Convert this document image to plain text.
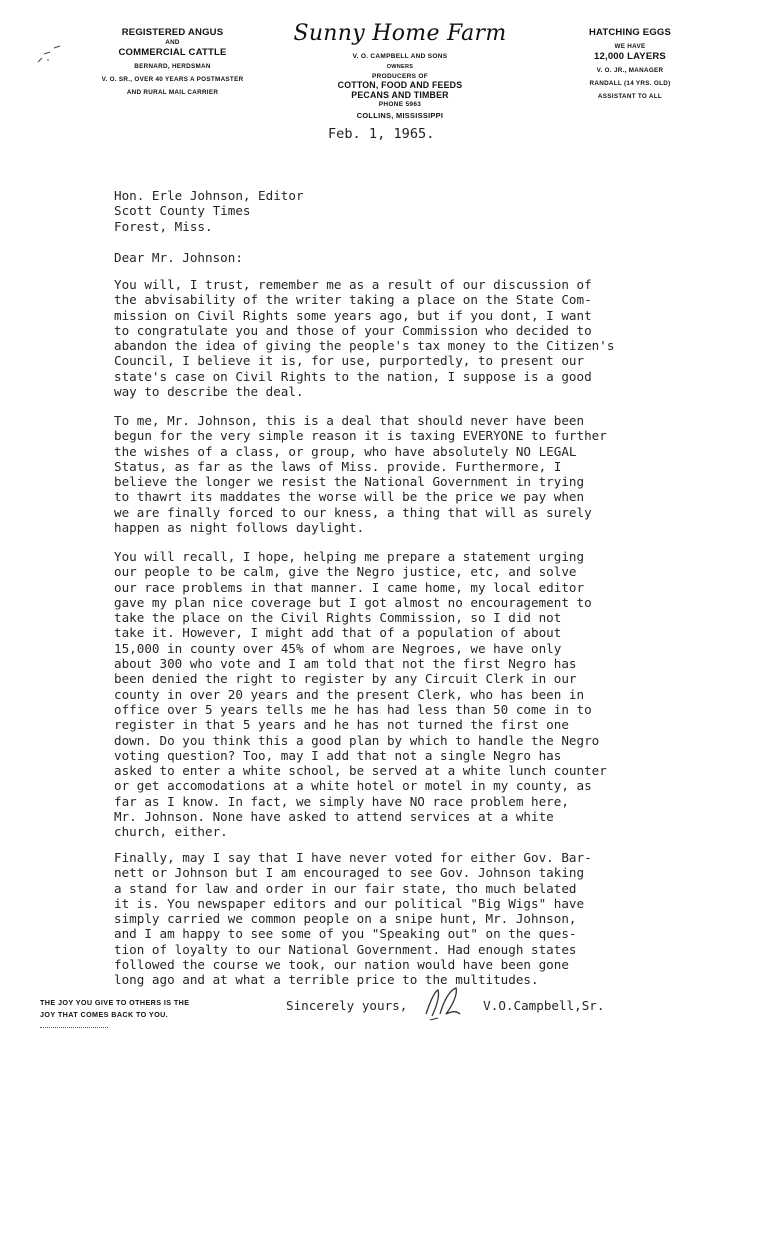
REGISTERED ANGUS
AND
COMMERCIAL CATTLE
BERNARD, HERDSMAN
V. O. SR., OVER 40 YEARS A POSTMASTER
AND RURAL MAIL CARRIER
Sunny Home Farm
V. O. CAMPBELL AND SONS
OWNERS
PRODUCERS OF
COTTON, FOOD AND FEEDS
PECANS AND TIMBER
PHONE 5963
COLLINS, MISSISSIPPI
HATCHING EGGS
WE HAVE
12,000 LAYERS
V. O. JR., MANAGER
RANDALL (14 YRS. OLD)
ASSISTANT TO ALL
Feb. 1, 1965.
Hon. Erle Johnson, Editor
Scott County Times
Forest, Miss.
Dear Mr. Johnson:
You will, I trust, remember me as a result of our discussion of
the abvisability of the writer taking a place on the State Com-
mission on Civil Rights some years ago, but if you dont, I want
to congratulate you and those of your Commission who decided to
abandon the idea of giving the people's tax money to the Citizen's
Council, I believe it is, for use, purportedly, to present our
state's case on Civil Rights to the nation, I suppose is a good
way to describe the deal.
To me, Mr. Johnson, this is a deal that should never have been
begun for the very simple reason it is taxing EVERYONE to further
the wishes of a class, or group, who have absolutely NO LEGAL
Status, as far as the laws of Miss. provide. Furthermore, I
believe the longer we resist the National Government in trying
to thawrt its maddates the worse will be the price we pay when
we are finally forced to our kness, a thing that will as surely
happen as night follows daylight.
You will recall, I hope, helping me prepare a statement urging
our people to be calm, give the Negro justice, etc, and solve
our race problems in that manner. I came home, my local editor
gave my plan nice coverage but I got almost no encouragement to
take the place on the Civil Rights Commission, so I did not
take it. However, I might add that of a population of about
15,000 in county over 45% of whom are Negroes, we have only
about 300 who vote and I am told that not the first Negro has
been denied the right to register by any Circuit Clerk in our
county in over 20 years and the present Clerk, who has been in
office over 5 years tells me he has had less than 50 come in to
register in that 5 years and he has not turned the first one
down. Do you think this a good plan by which to handle the Negro
voting question? Too, may I add that not a single Negro has
asked to enter a white school, be served at a white lunch counter
or get accomodations at a white hotel or motel in my county, as
far as I know. In fact, we simply have NO race problem here,
Mr. Johnson. None have asked to attend services at a white
church, either.
Finally, may I say that I have never voted for either Gov. Bar-
nett or Johnson but I am encouraged to see Gov. Johnson taking
a stand for law and order in our fair state, tho much belated
it is. You newspaper editors and our political "Big Wigs" have
simply carried we common people on a snipe hunt, Mr. Johnson,
and I am happy to see some of you "Speaking out" on the ques-
tion of loyalty to our National Government. Had enough states
followed the course we took, our nation would have been gone
long ago and at what a terrible price to the multitudes.
Sincerely yours,	V.O.Campbell,Sr.
THE JOY YOU GIVE TO OTHERS IS THE
JOY THAT COMES BACK TO YOU.
